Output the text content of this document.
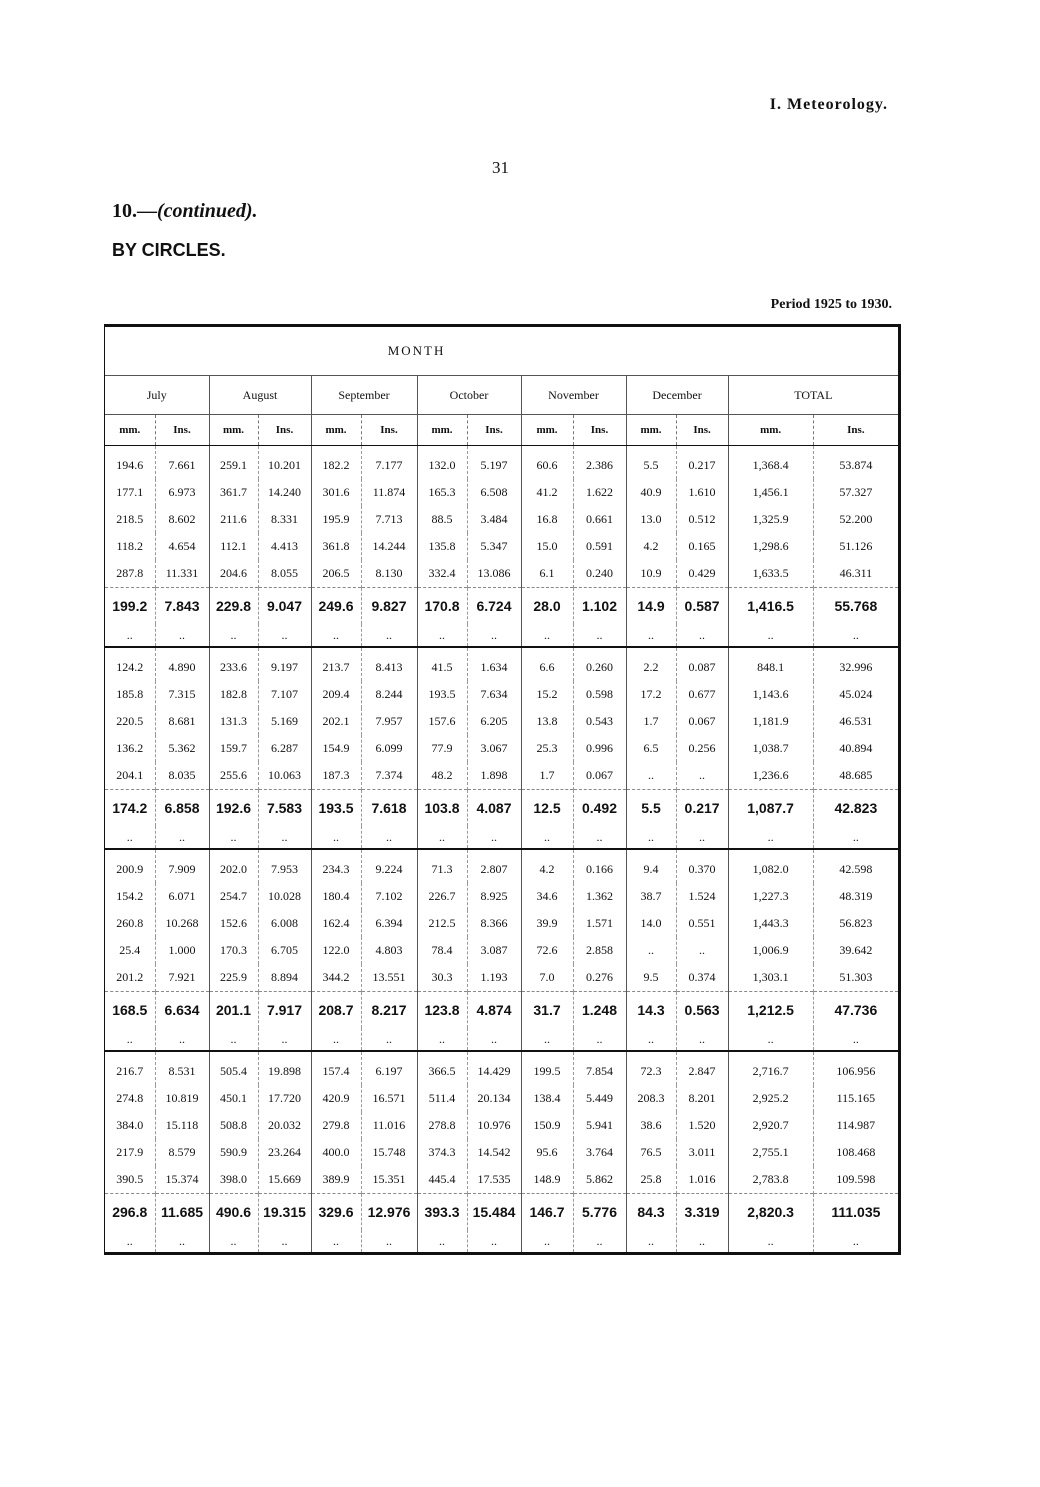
I. Meteorology.
31
10.—(continued).
BY CIRCLES.
Period 1925 to 1930.
MONTH													
July		August		September		October		November		December		TOTAL	
mm.	Ins.	mm.	Ins.	mm.	Ins.	mm.	Ins.	mm.	Ins.	mm.	Ins.	mm.	Ins.
194.6	7.661	259.1	10.201	182.2	7.177	132.0	5.197	60.6	2.386	5.5	0.217	1,368.4	53.874
177.1	6.973	361.7	14.240	301.6	11.874	165.3	6.508	41.2	1.622	40.9	1.610	1,456.1	57.327
218.5	8.602	211.6	8.331	195.9	7.713	88.5	3.484	16.8	0.661	13.0	0.512	1,325.9	52.200
118.2	4.654	112.1	4.413	361.8	14.244	135.8	5.347	15.0	0.591	4.2	0.165	1,298.6	51.126
287.8	11.331	204.6	8.055	206.5	8.130	332.4	13.086	6.1	0.240	10.9	0.429	1,633.5	46.311
199.2	7.843	229.8	9.047	249.6	9.827	170.8	6.724	28.0	1.102	14.9	0.587	1,416.5	55.768
..	..	..	..	..	..	..	..	..	..	..	..	..	..
124.2	4.890	233.6	9.197	213.7	8.413	41.5	1.634	6.6	0.260	2.2	0.087	848.1	32.996
185.8	7.315	182.8	7.107	209.4	8.244	193.5	7.634	15.2	0.598	17.2	0.677	1,143.6	45.024
220.5	8.681	131.3	5.169	202.1	7.957	157.6	6.205	13.8	0.543	1.7	0.067	1,181.9	46.531
136.2	5.362	159.7	6.287	154.9	6.099	77.9	3.067	25.3	0.996	6.5	0.256	1,038.7	40.894
204.1	8.035	255.6	10.063	187.3	7.374	48.2	1.898	1.7	0.067	..	..	1,236.6	48.685
174.2	6.858	192.6	7.583	193.5	7.618	103.8	4.087	12.5	0.492	5.5	0.217	1,087.7	42.823
..	..	..	..	..	..	..	..	..	..	..	..	..	..
200.9	7.909	202.0	7.953	234.3	9.224	71.3	2.807	4.2	0.166	9.4	0.370	1,082.0	42.598
154.2	6.071	254.7	10.028	180.4	7.102	226.7	8.925	34.6	1.362	38.7	1.524	1,227.3	48.319
260.8	10.268	152.6	6.008	162.4	6.394	212.5	8.366	39.9	1.571	14.0	0.551	1,443.3	56.823
25.4	1.000	170.3	6.705	122.0	4.803	78.4	3.087	72.6	2.858	..	..	1,006.9	39.642
201.2	7.921	225.9	8.894	344.2	13.551	30.3	1.193	7.0	0.276	9.5	0.374	1,303.1	51.303
168.5	6.634	201.1	7.917	208.7	8.217	123.8	4.874	31.7	1.248	14.3	0.563	1,212.5	47.736
..	..	..	..	..	..	..	..	..	..	..	..	..	..
216.7	8.531	505.4	19.898	157.4	6.197	366.5	14.429	199.5	7.854	72.3	2.847	2,716.7	106.956
274.8	10.819	450.1	17.720	420.9	16.571	511.4	20.134	138.4	5.449	208.3	8.201	2,925.2	115.165
384.0	15.118	508.8	20.032	279.8	11.016	278.8	10.976	150.9	5.941	38.6	1.520	2,920.7	114.987
217.9	8.579	590.9	23.264	400.0	15.748	374.3	14.542	95.6	3.764	76.5	3.011	2,755.1	108.468
390.5	15.374	398.0	15.669	389.9	15.351	445.4	17.535	148.9	5.862	25.8	1.016	2,783.8	109.598
296.8	11.685	490.6	19.315	329.6	12.976	393.3	15.484	146.7	5.776	84.3	3.319	2,820.3	111.035
..	..	..	..	..	..	..	..	..	..	..	..	..	..
